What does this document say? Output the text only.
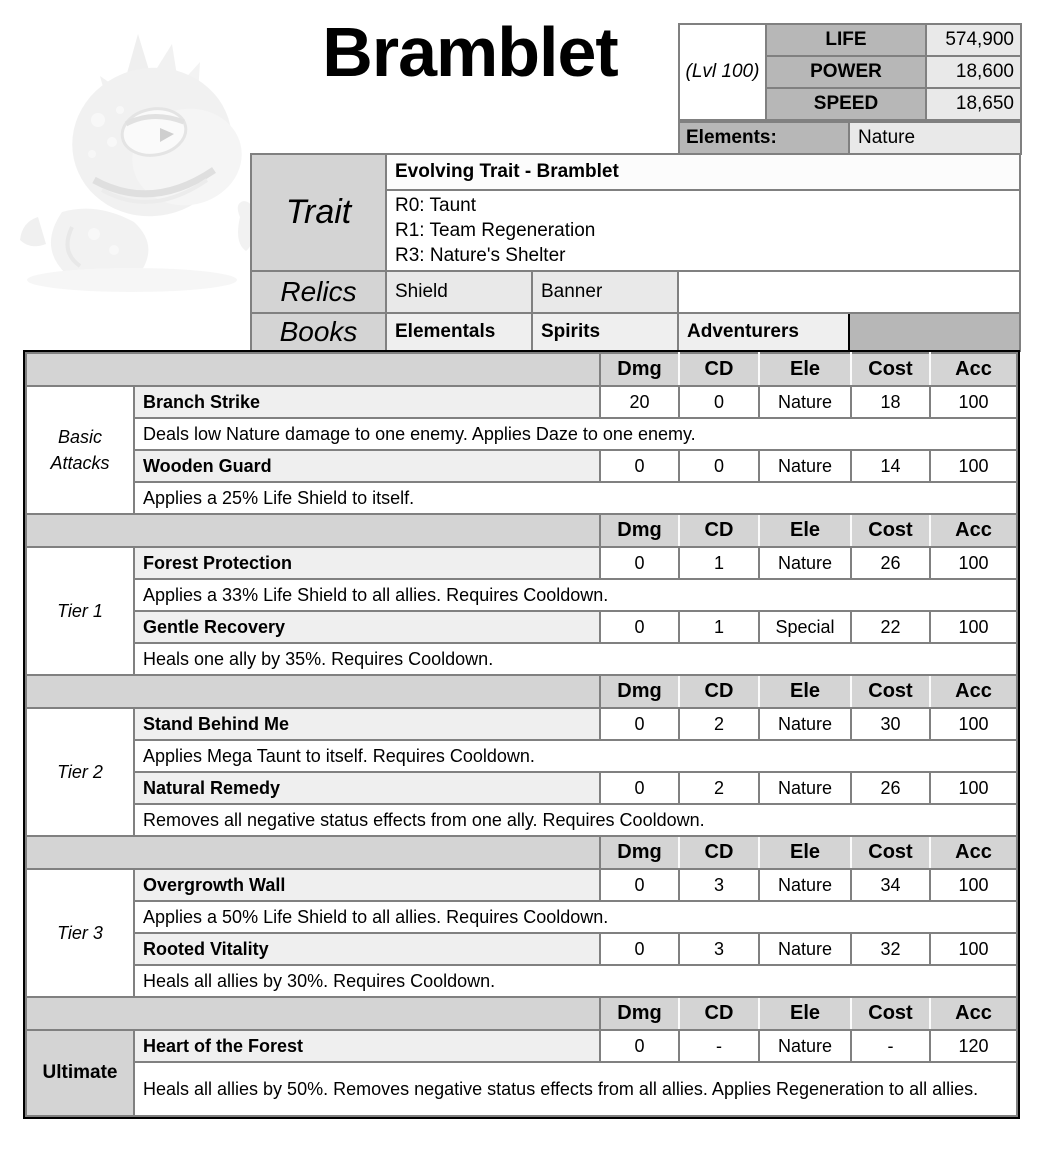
Bramblet	(Lvl 100)	LIFE	574,900
	POWER	18,600
	SPEED	18,650
Elements:	Nature
Trait	Evolving Trait - Bramblet			

	R0: Taunt
R1: Team Regeneration
R3: Nature's Shelter			

Relics	Shield	Banner		
Books	Elementals	Spirits	Adventurers	
		Dmg	CD	Ele	Cost	Acc
Basic Attacks	Branch Strike	20	0	Nature	18	100
	Deals low Nature damage to one enemy. Applies Daze to one enemy.					
	Wooden Guard	0	0	Nature	14	100
	Applies a 25% Life Shield to itself.					
		Dmg	CD	Ele	Cost	Acc
Tier 1	Forest Protection	0	1	Nature	26	100
	Applies a 33% Life Shield to all allies. Requires Cooldown.					
	Gentle Recovery	0	1	Special	22	100
	Heals one ally by 35%. Requires Cooldown.					
		Dmg	CD	Ele	Cost	Acc
Tier 2	Stand Behind Me	0	2	Nature	30	100
	Applies Mega Taunt to itself. Requires Cooldown.					
	Natural Remedy	0	2	Nature	26	100
	Removes all negative status effects from one ally. Requires Cooldown.					
		Dmg	CD	Ele	Cost	Acc
Tier 3	Overgrowth Wall	0	3	Nature	34	100
	Applies a 50% Life Shield to all allies. Requires Cooldown.					
	Rooted Vitality	0	3	Nature	32	100
	Heals all allies by 30%. Requires Cooldown.					
		Dmg	CD	Ele	Cost	Acc
Ultimate	Heart of the Forest	0	-	Nature	-	120
	Heals all allies by 50%. Removes negative status effects from all allies. Applies Regeneration to all allies.					
